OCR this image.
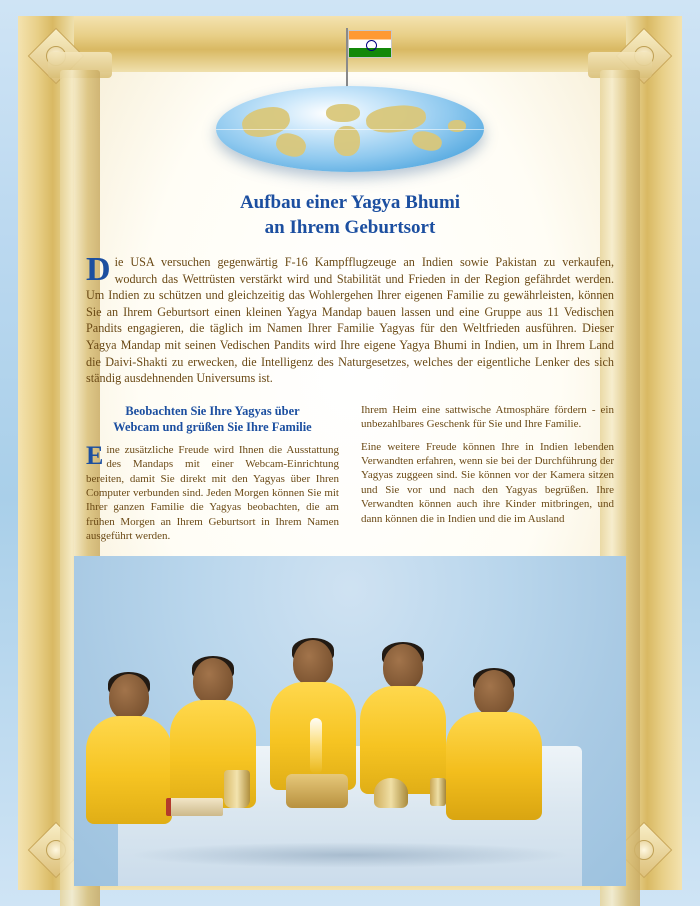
Aufbau einer Yagya Bhumi
an Ihrem Geburtsort

Die USA versuchen gegenwärtig F-16 Kampfflugzeuge an Indien sowie Pakistan zu verkaufen, wodurch das Wettrüsten verstärkt wird und Stabilität und Frieden in der Region gefährdet werden. Um Indien zu schützen und gleichzeitig das Wohlergehen Ihrer eigenen Familie zu gewährleisten, können Sie an Ihrem Geburtsort einen kleinen Yagya Mandap bauen lassen und eine Gruppe aus 11 Vedischen Pandits engagieren, die täglich im Namen Ihrer Familie Yagyas für den Weltfrieden ausführen. Dieser Yagya Mandap mit seinen Vedischen Pandits wird Ihre eigene Yagya Bhumi in Indien, um in Ihrem Land die Daivi-Shakti zu erwecken, die Intelligenz des Naturgesetzes, welches der eigentliche Lenker des sich ständig ausdehnenden Universums ist.

Beobachten Sie Ihre Yagyas über
Webcam und grüßen Sie Ihre Familie

Eine zusätzliche Freude wird Ihnen die Ausstattung des Mandaps mit einer Webcam-Einrichtung bereiten, damit Sie direkt mit den Yagyas über Ihren Computer verbunden sind. Jeden Morgen können Sie mit Ihrer ganzen Familie die Yagyas beobachten, die am frühen Morgen an Ihrem Geburtsort in Ihrem Namen ausgeführt werden.

Ihrem Heim eine sattwische Atmosphäre fördern - ein unbezahlbares Geschenk für Sie und Ihre Familie.

Eine weitere Freude können Ihre in Indien lebenden Verwandten erfahren, wenn sie bei der Durchführung der Yagyas zuggeen sind. Sie können vor der Kamera sitzen und Sie vor und nach den Yagyas begrüßen. Ihre Verwandten können auch ihre Kinder mitbringen, und dann können die in Indien und die im Ausland
